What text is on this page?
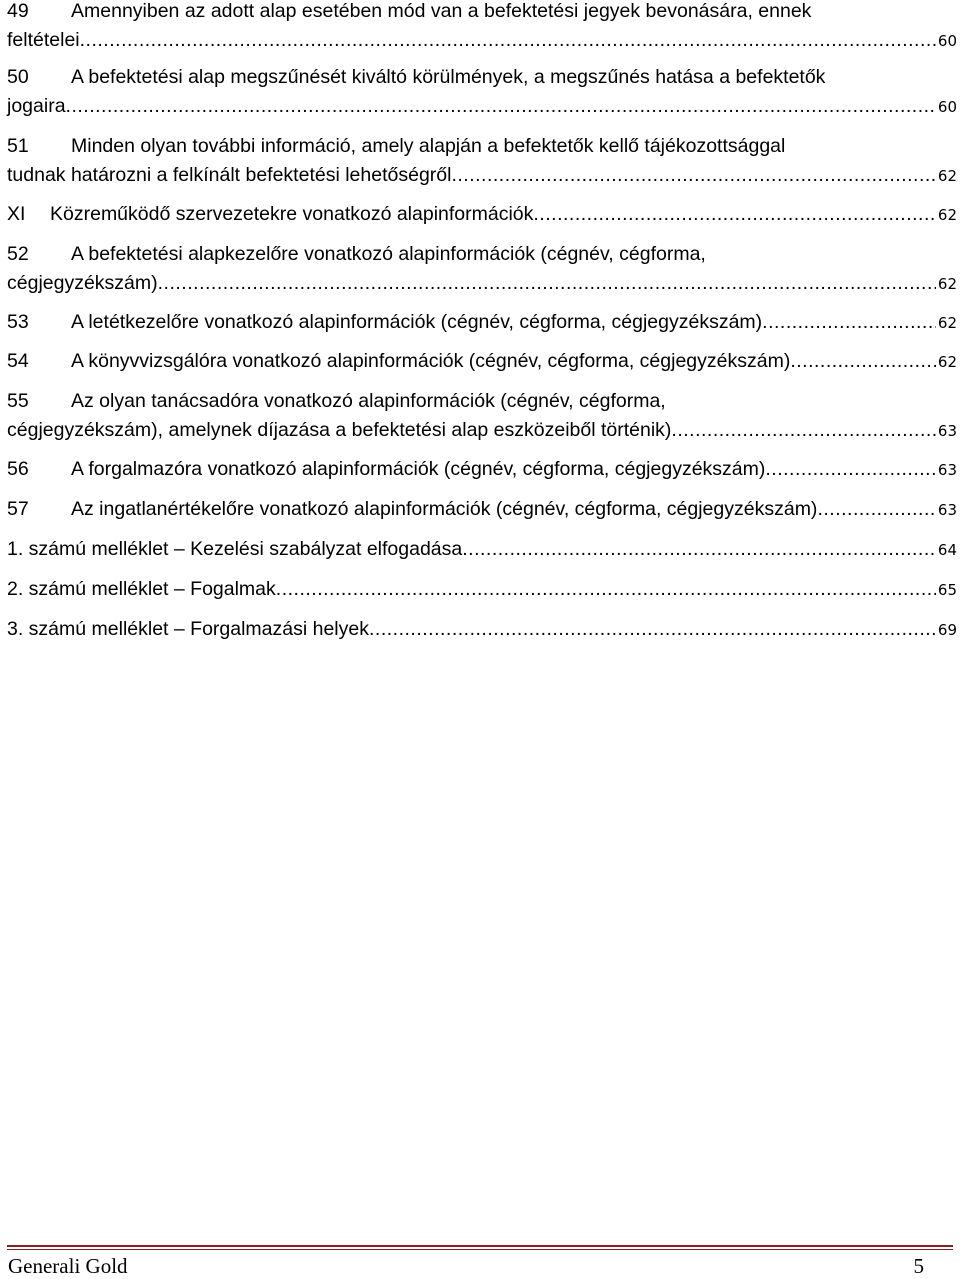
49	Amennyiben az adott alap esetében mód van a befektetési jegyek bevonására, ennek
feltételei .....	60
50	A befektetési alap megszűnését kiváltó körülmények, a megszűnés hatása a befektetők
jogaira .....	60
51	Minden olyan további információ, amely alapján a befektetők kellő tájékozottsággal
tudnak határozni a felkínált befektetési lehetőségről .....	62
XI	Közreműködő szervezetekre vonatkozó alapinformációk .....	62
52	A befektetési alapkezelőre vonatkozó alapinformációk (cégnév, cégforma,
cégjegyzékszám) .....	62
53	A letétkezelőre vonatkozó alapinformációk (cégnév, cégforma, cégjegyzékszám) .....	62
54	A könyvvizsgálóra vonatkozó alapinformációk (cégnév, cégforma, cégjegyzékszám) .....	62
55	Az olyan tanácsadóra vonatkozó alapinformációk (cégnév, cégforma,
cégjegyzékszám), amelynek díjazása a befektetési alap eszközeiből történik) .....	63
56	A forgalmazóra vonatkozó alapinformációk (cégnév, cégforma, cégjegyzékszám) .....	63
57	Az ingatlanértékelőre vonatkozó alapinformációk (cégnév, cégforma, cégjegyzékszám) .....	63
1. számú melléklet – Kezelési szabályzat elfogadása .....	64
2. számú melléklet – Fogalmak .....	65
3. számú melléklet – Forgalmazási helyek .....	69
Generali Gold	5
